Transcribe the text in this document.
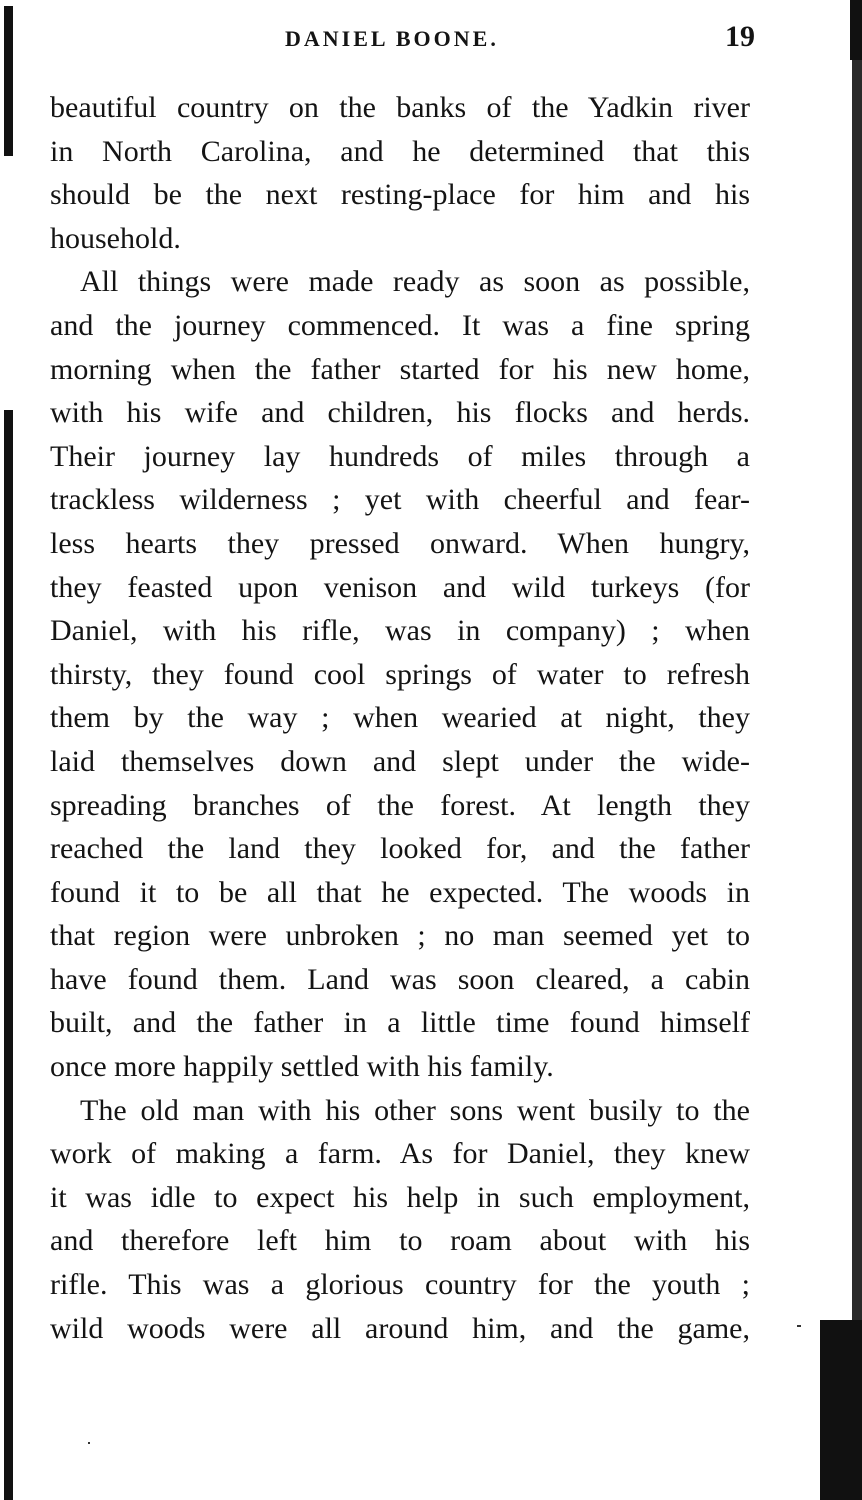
DANIEL BOONE.	19
beautiful country on the banks of the Yadkin river
in North Carolina, and he determined that this
should be the next resting-place for him and his
household.
All things were made ready as soon as possible,
and the journey commenced. It was a fine spring
morning when the father started for his new home,
with his wife and children, his flocks and herds.
Their journey lay hundreds of miles through a
trackless wilderness ; yet with cheerful and fear-
less hearts they pressed onward. When hungry,
they feasted upon venison and wild turkeys (for
Daniel, with his rifle, was in company) ; when
thirsty, they found cool springs of water to refresh
them by the way ; when wearied at night, they
laid themselves down and slept under the wide-
spreading branches of the forest. At length they
reached the land they looked for, and the father
found it to be all that he expected. The woods in
that region were unbroken ; no man seemed yet to
have found them. Land was soon cleared, a cabin
built, and the father in a little time found himself
once more happily settled with his family.
The old man with his other sons went busily to the
work of making a farm. As for Daniel, they knew
it was idle to expect his help in such employment,
and therefore left him to roam about with his
rifle. This was a glorious country for the youth ;
wild woods were all around him, and the game,
